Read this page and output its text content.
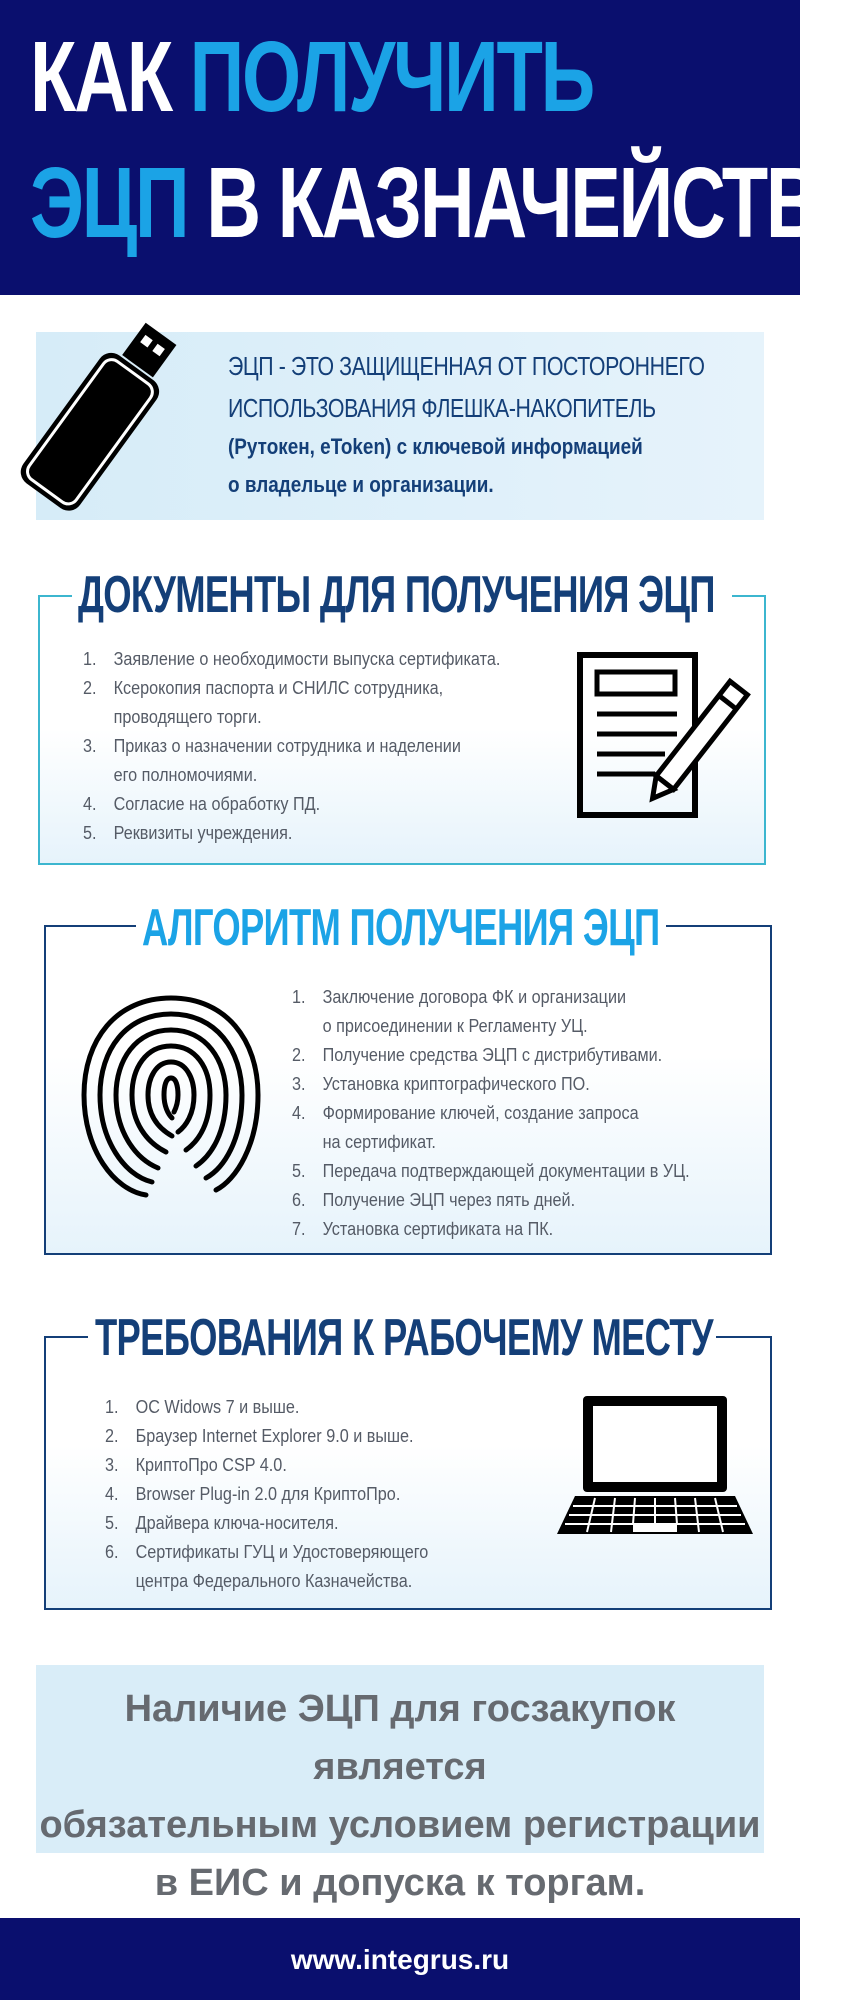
КАК ПОЛУЧИТЬ
ЭЦП В КАЗНАЧЕЙСТВЕ
ЭЦП - ЭТО ЗАЩИЩЕННАЯ ОТ ПОСТОРОННЕГО
ИСПОЛЬЗОВАНИЯ ФЛЕШКА-НАКОПИТЕЛЬ
(Рутокен, eToken) с ключевой информацией
о владельце и организации.
ДОКУМЕНТЫ ДЛЯ ПОЛУЧЕНИЯ ЭЦП
1. Заявление о необходимости выпуска сертификата.
2. Ксерокопия паспорта и СНИЛС сотрудника,
проводящего торги.
3. Приказ о назначении сотрудника и наделении
его полномочиями.
4. Согласие на обработку ПД.
5. Реквизиты учреждения.
АЛГОРИТМ ПОЛУЧЕНИЯ ЭЦП
1. Заключение договора ФК и организации
о присоединении к Регламенту УЦ.
2. Получение средства ЭЦП с дистрибутивами.
3. Установка криптографического ПО.
4. Формирование ключей, создание запроса
на сертификат.
5. Передача подтверждающей документации в УЦ.
6. Получение ЭЦП через пять дней.
7. Установка сертификата на ПК.
ТРЕБОВАНИЯ К РАБОЧЕМУ МЕСТУ
1. ОС Widows 7 и выше.
2. Браузер Internet Explorer 9.0 и выше.
3. КриптоПро CSP 4.0.
4. Browser Plug-in 2.0 для КриптоПро.
5. Драйвера ключа-носителя.
6. Сертификаты ГУЦ и Удостоверяющего
центра Федерального Казначейства.
Наличие ЭЦП для госзакупок является
обязательным условием регистрации
в ЕИС и допуска к торгам.
www.integrus.ru
